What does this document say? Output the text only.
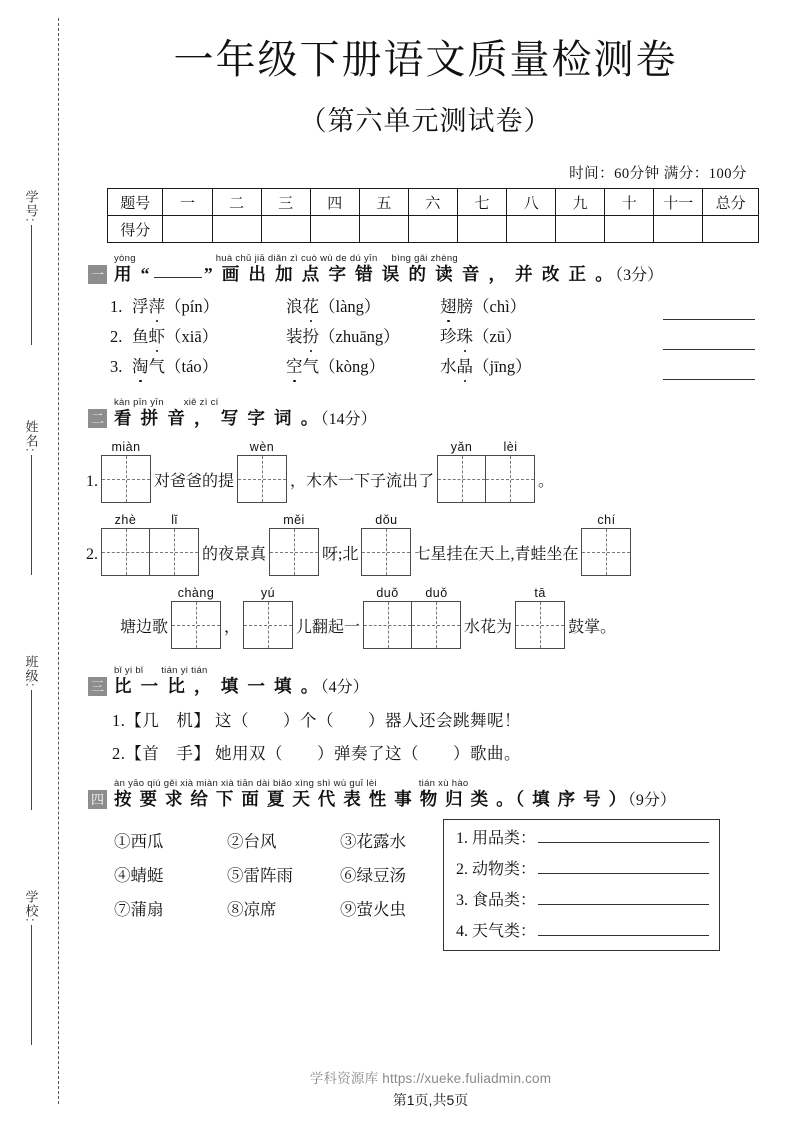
学号:
姓名:
班级:
学校:
一年级下册语文质量检测卷
（第六单元测试卷）
时间：60分钟 满分：100分
题号	一	二	三	四	五	六	七	八	九	十	十一	总分
得分												
一
yòng	huà chū jiā diǎn zì cuò wù de dú yīn bìng gǎi zhèng
用 “	” 画 出 加 点 字 错 误 的 读 音 ， 并 改 正 。（3分）
1. 浮萍（pín）	浪花（làng）	翅膀（chì）
2. 鱼虾（xiā）	装扮（zhuāng）	珍珠（zū）
3. 淘气（táo）	空气（kòng）	水晶（jīng）
二
kàn pīn yīn xiě zì cí
看 拼 音 ， 写 字 词 。（14分）
1.
miàn
对爸爸的提
wèn
，木木一下子流出了
yǎn	lèi
。
2.
zhè	lǐ
的夜景真
měi
呀;北
dǒu
七星挂在天上,青蛙坐在
chí
塘边歌
chàng
，
yú
儿翻起一
duǒ	duǒ
水花为
tā
鼓掌。
三
bǐ yi bǐ tián yi tián
比 一 比 ， 填 一 填 。（4分）
1.【几　机】 这（　　）个（　　）器人还会跳舞呢！
2.【首　手】 她用双（　　）弹奏了这（　　）歌曲。
四
àn yāo qiú gěi xià miàn xià tiān dài biǎo xìng shì wù guī lèi	tián xù hào
按 要 求 给 下 面 夏 天 代 表 性 事 物 归 类 。（ 填 序 号 ）（9分）
①西瓜	②台风	③花露水
④蜻蜓	⑤雷阵雨	⑥绿豆汤
⑦蒲扇	⑧凉席	⑨萤火虫
1. 用品类：
2. 动物类：
3. 食品类：
4. 天气类：
学科资源库 https://xueke.fuliadmin.com
第1页,共5页
